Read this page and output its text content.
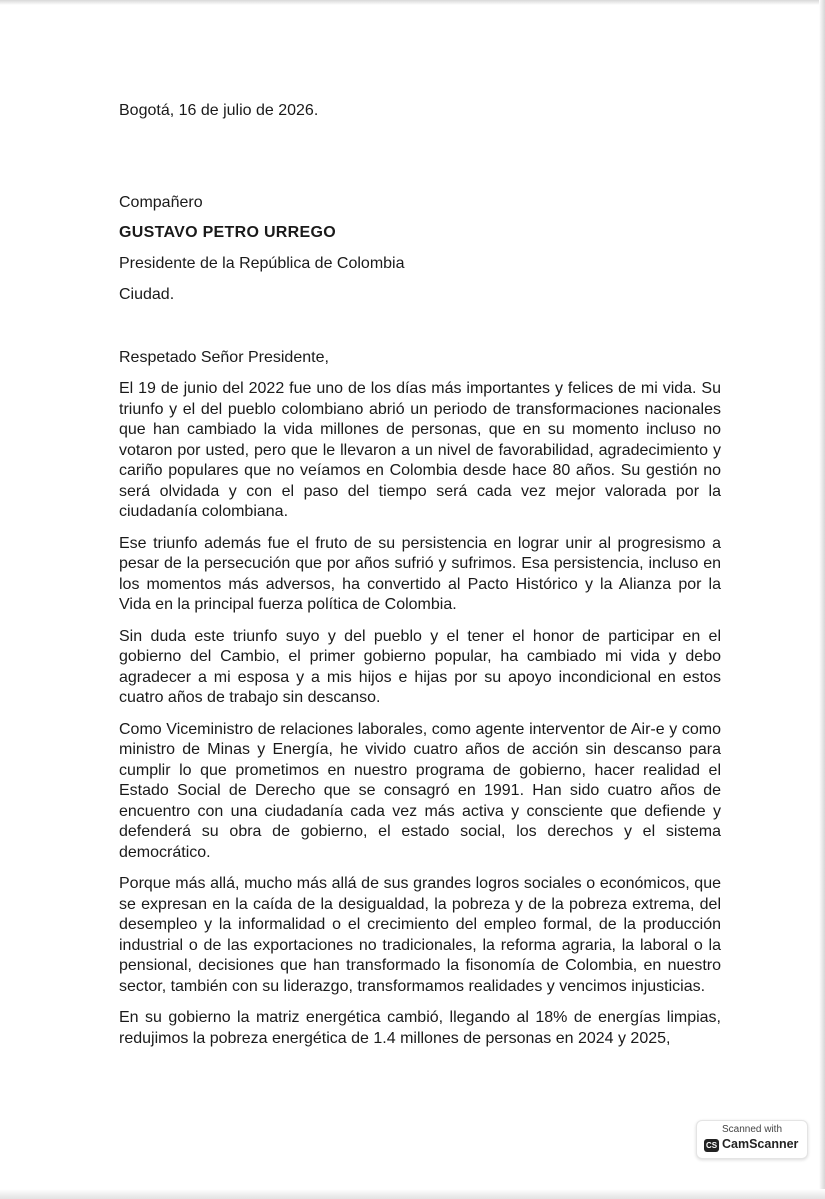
Bogotá, 16 de julio de 2026.

Compañero
GUSTAVO PETRO URREGO
Presidente de la República de Colombia
Ciudad.
Respetado Señor Presidente,

El 19 de junio del 2022 fue uno de los días más importantes y felices de mi vida. Su triunfo y el del pueblo colombiano abrió un periodo de transformaciones nacionales que han cambiado la vida millones de personas, que en su momento incluso no votaron por usted, pero que le llevaron a un nivel de favorabilidad, agradecimiento y cariño populares que no veíamos en Colombia desde hace 80 años. Su gestión no será olvidada y con el paso del tiempo será cada vez mejor valorada por la ciudadanía colombiana.

Ese triunfo además fue el fruto de su persistencia en lograr unir al progresismo a pesar de la persecución que por años sufrió y sufrimos. Esa persistencia, incluso en los momentos más adversos, ha convertido al Pacto Histórico y la Alianza por la Vida en la principal fuerza política de Colombia.

Sin duda este triunfo suyo y del pueblo y el tener el honor de participar en el gobierno del Cambio, el primer gobierno popular, ha cambiado mi vida y debo agradecer a mi esposa y a mis hijos e hijas por su apoyo incondicional en estos cuatro años de trabajo sin descanso.

Como Viceministro de relaciones laborales, como agente interventor de Air-e y como ministro de Minas y Energía, he vivido cuatro años de acción sin descanso para cumplir lo que prometimos en nuestro programa de gobierno, hacer realidad el Estado Social de Derecho que se consagró en 1991. Han sido cuatro años de encuentro con una ciudadanía cada vez más activa y consciente que defiende y defenderá su obra de gobierno, el estado social, los derechos y el sistema democrático.

Porque más allá, mucho más allá de sus grandes logros sociales o económicos, que se expresan en la caída de la desigualdad, la pobreza y de la pobreza extrema, del desempleo y la informalidad o el crecimiento del empleo formal, de la producción industrial o de las exportaciones no tradicionales, la reforma agraria, la laboral o la pensional, decisiones que han transformado la fisonomía de Colombia, en nuestro sector, también con su liderazgo, transformamos realidades y vencimos injusticias.

En su gobierno la matriz energética cambió, llegando al 18% de energías limpias, redujimos la pobreza energética de 1.4 millones de personas en 2024 y 2025,

Scanned with
CS CamScanner
